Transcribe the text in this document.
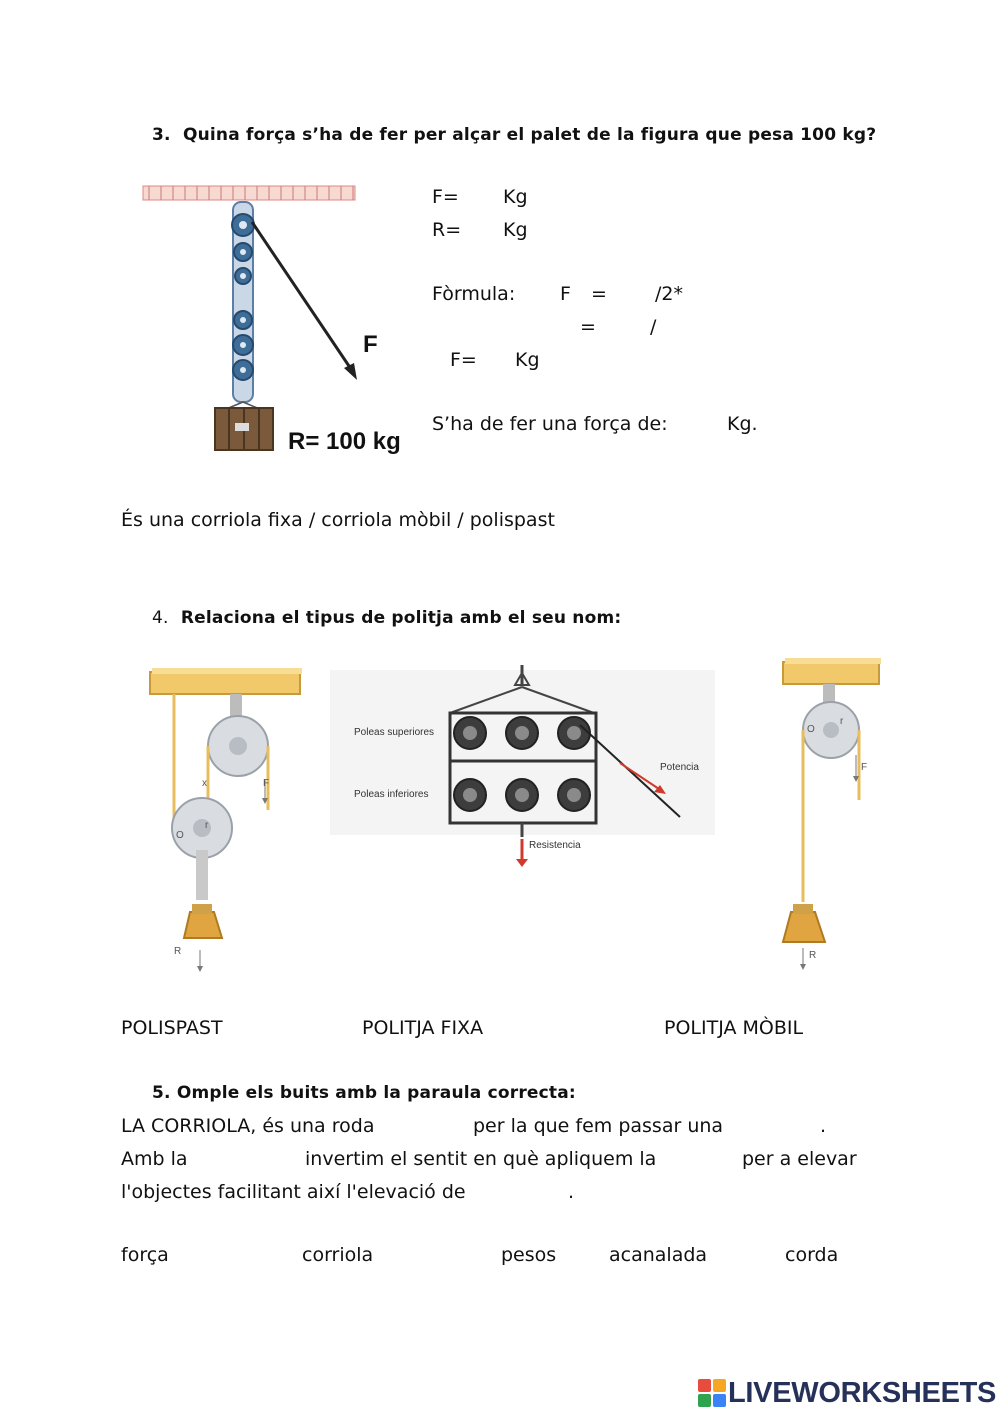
3. Quina força s’ha de fer per alçar el palet de la figura que pesa 100 kg?
F
R= 100 kg
F= Kg
R= Kg
Fòrmula: F =	/2*
=	/
F= Kg
S’ha de fer una força de:	Kg.
És una corriola fixa / corriola mòbil / polispast
4. Relaciona el tipus de politja amb el seu nom:
F
R
O
r
x
Poleas superiores
Poleas inferiores
Potencia
Resistencia
F
R
O
r
POLISPAST	POLITJA FIXA	POLITJA MÒBIL
5. Omple els buits amb la paraula correcta:
LA CORRIOLA, és una roda	per la que fem passar una	.
Amb la	invertim el sentit en què apliquem la	per a elevar
l'objectes facilitant així l'elevació de	.
força	corriola	pesos	acanalada	corda
LIVEWORKSHEETS
